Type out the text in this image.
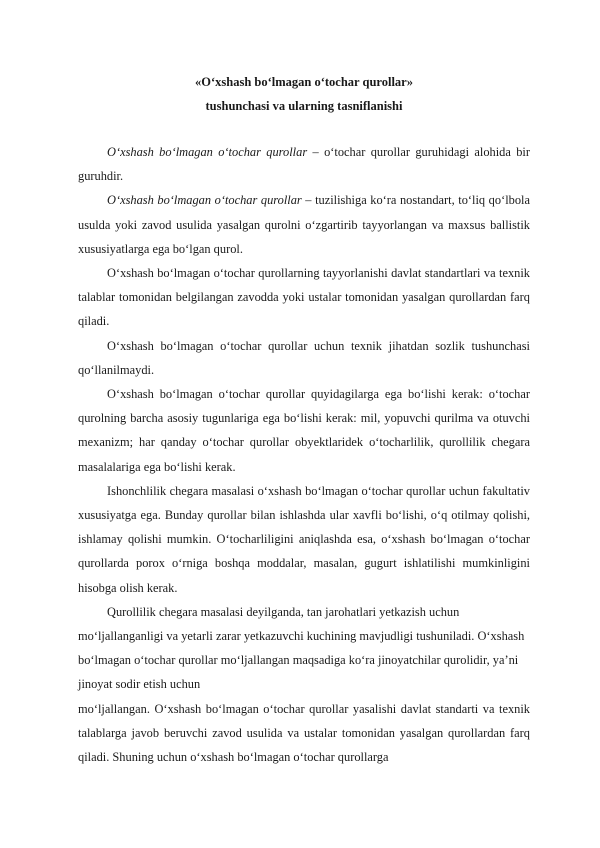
«O‘xshash bo‘lmagan o‘tochar qurollar»
tushunchasi va ularning tasniflanishi

O‘xshash bo‘lmagan o‘tochar qurollar – o‘tochar qurollar guruhidagi alohida bir guruhdir.

O‘xshash bo‘lmagan o‘tochar qurollar – tuzilishiga ko‘ra nostandart, to‘liq qo‘lbola usulda yoki zavod usulida yasalgan qurolni o‘zgartirib tayyorlangan va maxsus ballistik xususiyatlarga ega bo‘lgan qurol.

O‘xshash bo‘lmagan o‘tochar qurollarning tayyorlanishi davlat standartlari va texnik talablar tomonidan belgilangan zavodda yoki ustalar tomonidan yasalgan qurollardan farq qiladi.

O‘xshash bo‘lmagan o‘tochar qurollar uchun texnik jihatdan sozlik tushunchasi qo‘llanilmaydi.

O‘xshash bo‘lmagan o‘tochar qurollar quyidagilarga ega bo‘lishi kerak: o‘tochar qurolning barcha asosiy tugunlariga ega bo‘lishi kerak: mil, yopuvchi qurilma va otuvchi mexanizm; har qanday o‘tochar qurollar obyektlaridek o‘tocharlilik, qurollilik chegara masalalariga ega bo‘lishi kerak.

Ishonchlilik chegara masalasi o‘xshash bo‘lmagan o‘tochar qurollar uchun fakultativ xususiyatga ega. Bunday qurollar bilan ishlashda ular xavfli bo‘lishi, o‘q otilmay qolishi, ishlamay qolishi mumkin. O‘tocharliligini aniqlashda esa, o‘xshash bo‘lmagan o‘tochar qurollarda porox o‘rniga boshqa moddalar, masalan, gugurt ishlatilishi mumkinligini hisobga olish kerak.

Qurollilik chegara masalasi deyilganda, tan jarohatlari yetkazish uchun mo‘ljallanganligi va yetarli zarar yetkazuvchi kuchining mavjudligi tushuniladi. O‘xshash bo‘lmagan o‘tochar qurollar mo‘ljallangan maqsadiga ko‘ra jinoyatchilar qurolidir, ya’ni jinoyat sodir etish uchun

mo‘ljallangan. O‘xshash bo‘lmagan o‘tochar qurollar yasalishi davlat standarti va texnik talablarga javob beruvchi zavod usulida va ustalar tomonidan yasalgan qurollardan farq qiladi. Shuning uchun o‘xshash bo‘lmagan o‘tochar qurollarga
